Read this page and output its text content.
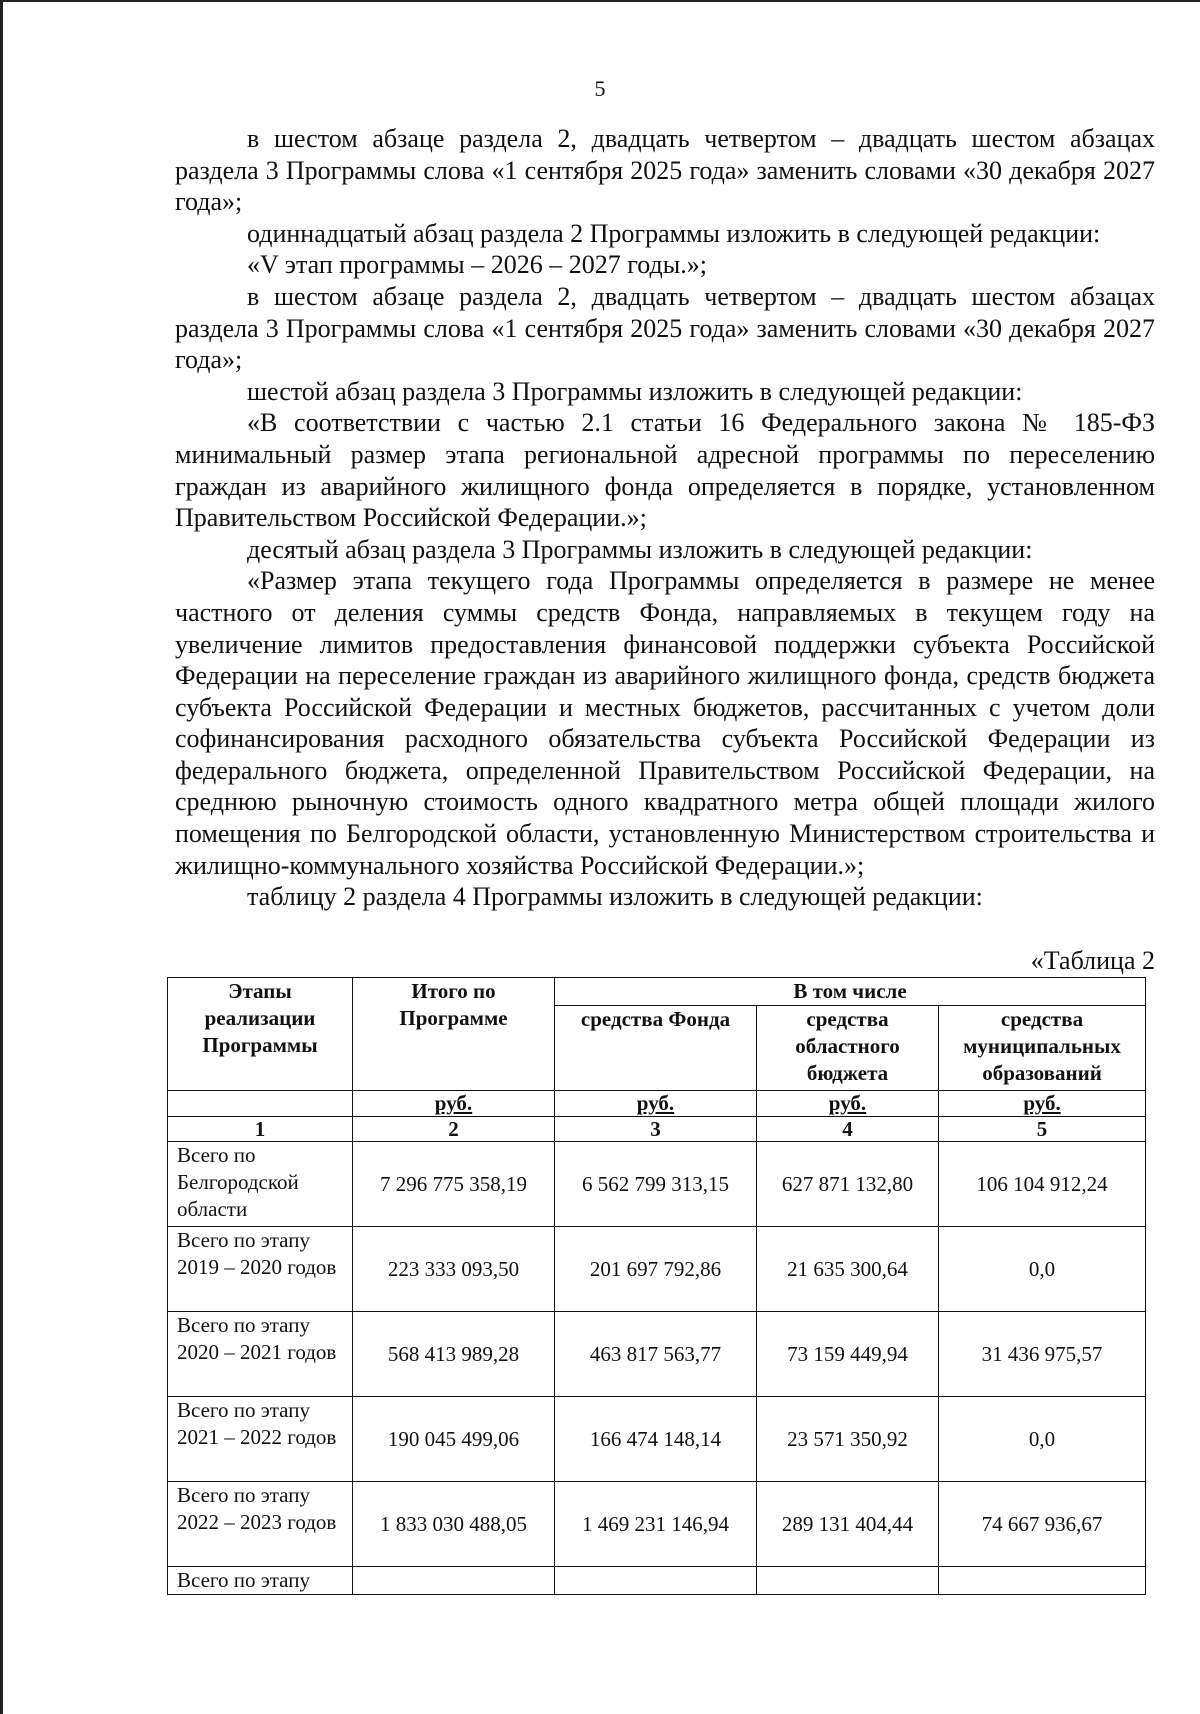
5

в шестом абзаце раздела 2, двадцать четвертом – двадцать шестом абзацах раздела 3 Программы слова «1 сентября 2025 года» заменить словами «30 декабря 2027 года»;

одиннадцатый абзац раздела 2 Программы изложить в следующей редакции:

«V этап программы – 2026 – 2027 годы.»;

в шестом абзаце раздела 2, двадцать четвертом – двадцать шестом абзацах раздела 3 Программы слова «1 сентября 2025 года» заменить словами «30 декабря 2027 года»;

шестой абзац раздела 3 Программы изложить в следующей редакции:

«В соответствии с частью 2.1 статьи 16 Федерального закона № 185-ФЗ минимальный размер этапа региональной адресной программы по переселению граждан из аварийного жилищного фонда определяется в порядке, установленном Правительством Российской Федерации.»;

десятый абзац раздела 3 Программы изложить в следующей редакции:

«Размер этапа текущего года Программы определяется в размере не менее частного от деления суммы средств Фонда, направляемых в текущем году на увеличение лимитов предоставления финансовой поддержки субъекта Российской Федерации на переселение граждан из аварийного жилищного фонда, средств бюджета субъекта Российской Федерации и местных бюджетов, рассчитанных с учетом доли софинансирования расходного обязательства субъекта Российской Федерации из федерального бюджета, определенной Правительством Российской Федерации, на среднюю рыночную стоимость одного квадратного метра общей площади жилого помещения по Белгородской области, установленную Министерством строительства и жилищно-коммунального хозяйства Российской Федерации.»;

таблицу 2 раздела 4 Программы изложить в следующей редакции:

«Таблица 2
Этапы реализации Программы	Итого по Программе	В том числе		
		средства Фонда	средства областного бюджета	средства муниципальных образований
	руб.	руб.	руб.	руб.
1	2	3	4	5
Всего по Белгородской области	7 296 775 358,19	6 562 799 313,15	627 871 132,80	106 104 912,24
Всего по этапу 2019 – 2020 годов	223 333 093,50	201 697 792,86	21 635 300,64	0,0
Всего по этапу 2020 – 2021 годов	568 413 989,28	463 817 563,77	73 159 449,94	31 436 975,57
Всего по этапу 2021 – 2022 годов	190 045 499,06	166 474 148,14	23 571 350,92	0,0
Всего по этапу 2022 – 2023 годов	1 833 030 488,05	1 469 231 146,94	289 131 404,44	74 667 936,67
Всего по этапу				
